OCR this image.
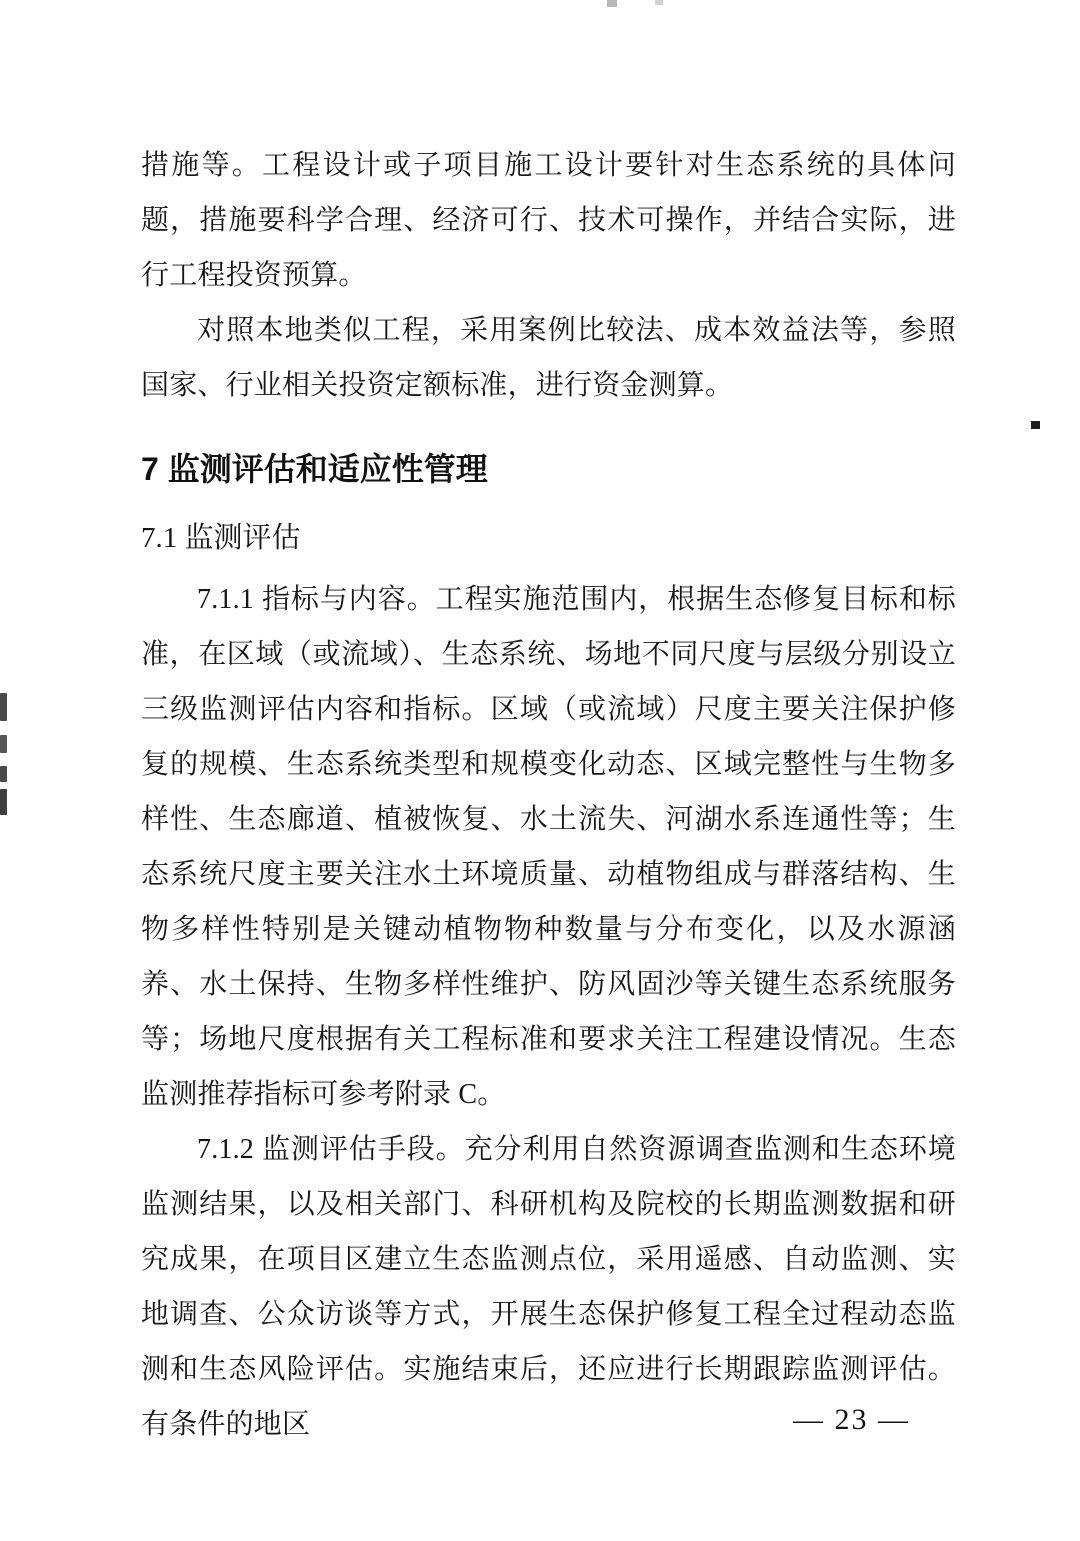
措施等。工程设计或子项目施工设计要针对生态系统的具体问题，措施要科学合理、经济可行、技术可操作，并结合实际，进行工程投资预算。

对照本地类似工程，采用案例比较法、成本效益法等，参照国家、行业相关投资定额标准，进行资金测算。

7 监测评估和适应性管理
7.1 监测评估

7.1.1 指标与内容。工程实施范围内，根据生态修复目标和标准，在区域（或流域）、生态系统、场地不同尺度与层级分别设立三级监测评估内容和指标。区域（或流域）尺度主要关注保护修复的规模、生态系统类型和规模变化动态、区域完整性与生物多样性、生态廊道、植被恢复、水土流失、河湖水系连通性等；生态系统尺度主要关注水土环境质量、动植物组成与群落结构、生物多样性特别是关键动植物物种数量与分布变化，以及水源涵养、水土保持、生物多样性维护、防风固沙等关键生态系统服务等；场地尺度根据有关工程标准和要求关注工程建设情况。生态监测推荐指标可参考附录 C。

7.1.2 监测评估手段。充分利用自然资源调查监测和生态环境监测结果，以及相关部门、科研机构及院校的长期监测数据和研究成果，在项目区建立生态监测点位，采用遥感、自动监测、实地调查、公众访谈等方式，开展生态保护修复工程全过程动态监测和生态风险评估。实施结束后，还应进行长期跟踪监测评估。有条件的地区	— 23 —
